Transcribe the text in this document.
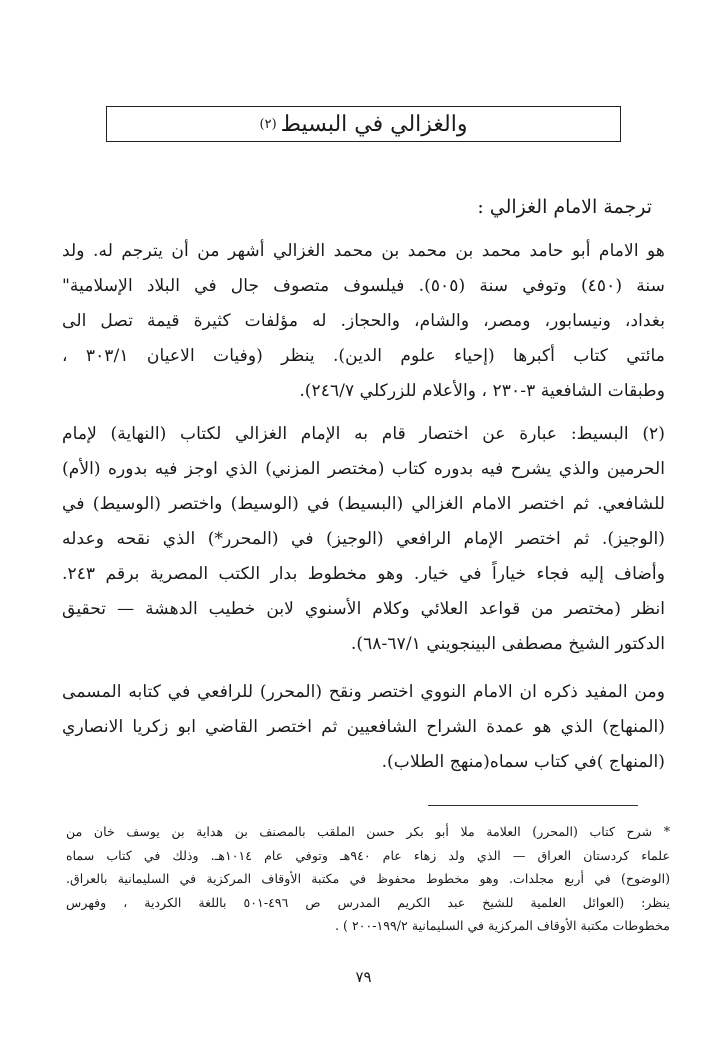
والغزالي في البسيط
(٢)
ترجمة الامام الغزالي :
هو الامام أبو حامد محمد بن محمد بن محمد الغزالي أشهر من أن يترجم له. ولد
سنة (٤٥٠) وتوفي سنة (٥٠٥). فيلسوف متصوف جال في البلاد الإسلامية"
بغداد، ونيسابور، ومصر، والشام، والحجاز. له مؤلفات كثيرة قيمة تصل الى
مائتي كتاب أكبرها (إحياء علوم الدين). ينظر (وفيات الاعيان ٣٠٣/١ ،
وطبقات الشافعية ٣-٢٣٠ ، والأعلام للزركلي ٢٤٦/٧).
(٢) البسيط: عبارة عن اختصار قام به الإمام الغزالي لكتاب (النهاية) لإمام
الحرمين والذي يشرح فيه بدوره كتاب (مختصر المزني) الذي اوجز فيه بدوره (الأم)
للشافعي. ثم اختصر الامام الغزالي (البسيط) في (الوسيط) واختصر (الوسيط) في
(الوجيز). ثم اختصر الإمام الرافعي (الوجيز) في (المحرر*) الذي نقحه وعدله
وأضاف إليه فجاء خياراً في خيار. وهو مخطوط بدار الكتب المصرية برقم ٢٤٣.
انظر (مختصر من قواعد العلائي وكلام الأسنوي لابن خطيب الدهشة — تحقيق
الدكتور الشيخ مصطفى البينجويني ٦٧/١-٦٨).
ومن المفيد ذكره ان الامام النووي اختصر ونقح (المحرر) للرافعي في كتابه المسمى
(المنهاج) الذي هو عمدة الشراح الشافعيين ثم اختصر القاضي ابو زكريا الانصاري
(المنهاج )في كتاب سماه(منهج الطلاب).
* شرح كتاب (المحرر) العلامة ملا أبو بكر حسن الملقب بالمصنف بن هداية بن يوسف خان من
علماء كردستان العراق — الذي ولد زهاء عام ٩٤٠هـ وتوفي عام ١٠١٤هـ. وذلك في كتاب سماه
(الوضوح) في أربع مجلدات. وهو مخطوط محفوظ في مكتبة الأوقاف المركزية في السليمانية بالعراق.
ينظر: (العوائل العلمية للشيخ عبد الكريم المدرس ص ٤٩٦-٥٠١ باللغة الكردية ، وفهرس
مخطوطات مكتبة الأوقاف المركزية في السليمانية ١٩٩/٢-٢٠٠ ) .
٧٩
